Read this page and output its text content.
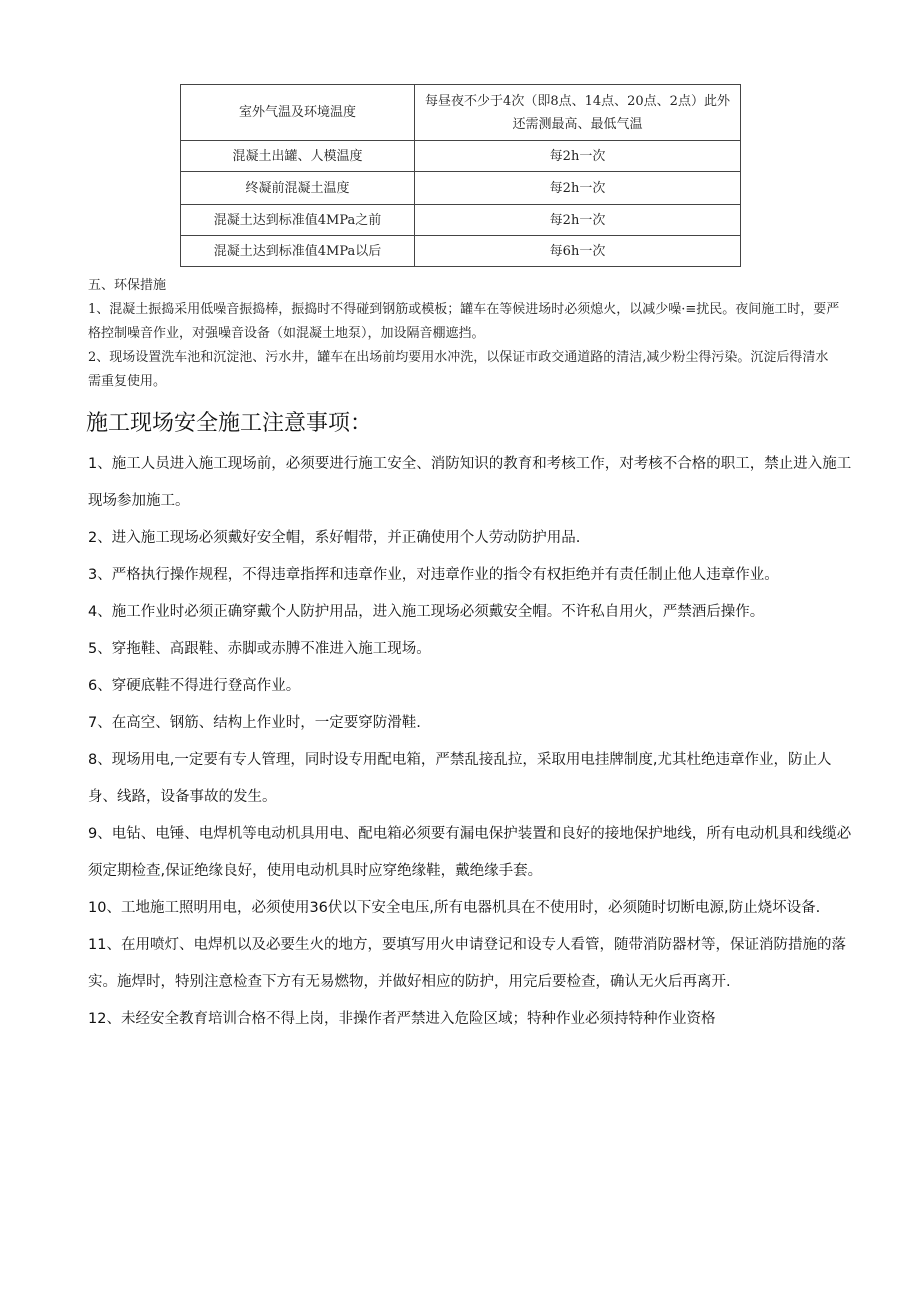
室外气温及环境温度	每昼夜不少于4次（即8点、14点、20点、2点）此外还需测最高、最低气温
混凝土出罐、人模温度	每2h一次
终凝前混凝土温度	每2h一次
混凝土达到标准值4MPa之前	每2h一次
混凝土达到标准值4MPa以后	每6h一次

五、环保措施

1、混凝土振捣采用低噪音振捣棒，振捣时不得碰到钢筋或模板；罐车在等候进场时必须熄火，以减少噪·≡扰民。夜间施工时，要严格控制噪音作业，对强噪音设备（如混凝土地泵），加设隔音棚遮挡。

2、现场设置洗车池和沉淀池、污水井，罐车在出场前均要用水冲洗，以保证市政交通道路的清洁,减少粉尘得污染。沉淀后得清水需重复使用。

施工现场安全施工注意事项：

1、施工人员进入施工现场前，必须要进行施工安全、消防知识的教育和考核工作，对考核不合格的职工，禁止进入施工现场参加施工。

2、进入施工现场必须戴好安全帽，系好帽带，并正确使用个人劳动防护用品.

3、严格执行操作规程，不得违章指挥和违章作业，对违章作业的指令有权拒绝并有责任制止他人违章作业。

4、施工作业时必须正确穿戴个人防护用品，进入施工现场必须戴安全帽。不许私自用火，严禁酒后操作。

5、穿拖鞋、高跟鞋、赤脚或赤膊不准进入施工现场。

6、穿硬底鞋不得进行登高作业。

7、在高空、钢筋、结构上作业时，一定要穿防滑鞋.

8、现场用电,一定要有专人管理，同时设专用配电箱，严禁乱接乱拉，采取用电挂牌制度,尤其杜绝违章作业，防止人身、线路，设备事故的发生。

9、电钻、电锤、电焊机等电动机具用电、配电箱必须要有漏电保护装置和良好的接地保护地线，所有电动机具和线缆必须定期检查,保证绝缘良好，使用电动机具时应穿绝缘鞋，戴绝缘手套。

10、工地施工照明用电，必须使用36伏以下安全电压,所有电器机具在不使用时，必须随时切断电源,防止烧坏设备.

11、在用喷灯、电焊机以及必要生火的地方，要填写用火申请登记和设专人看管，随带消防器材等，保证消防措施的落实。施焊时，特别注意检查下方有无易燃物，并做好相应的防护，用完后要检查，确认无火后再离开.

12、未经安全教育培训合格不得上岗，非操作者严禁进入危险区域；特种作业必须持特种作业资格
